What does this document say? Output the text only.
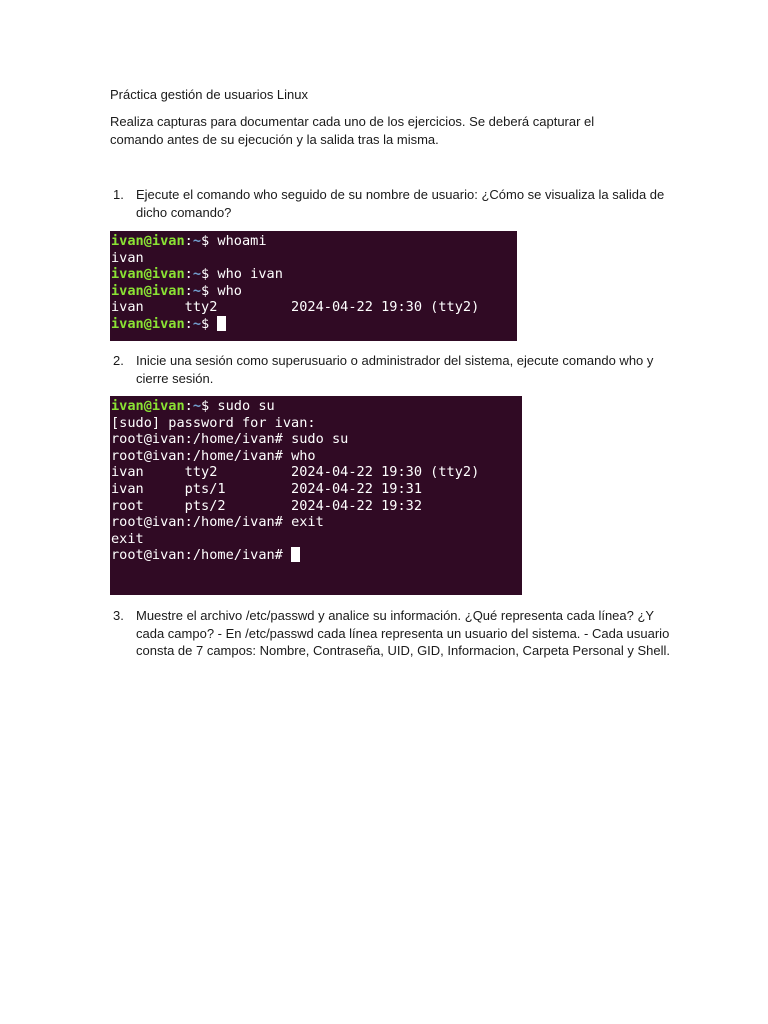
Práctica gestión de usuarios Linux
Realiza capturas para documentar cada uno de los ejercicios. Se deberá capturar el comando antes de su ejecución y la salida tras la misma.
1. Ejecute el comando who seguido de su nombre de usuario: ¿Cómo se visualiza la salida de dicho comando?
ivan@ivan:~$ whoami
ivan
ivan@ivan:~$ who ivan
ivan@ivan:~$ who
ivan     tty2         2024-04-22 19:30 (tty2)
ivan@ivan:~$
2. Inicie una sesión como superusuario o administrador del sistema, ejecute comando who y cierre sesión.
ivan@ivan:~$ sudo su
[sudo] password for ivan:
root@ivan:/home/ivan# sudo su
root@ivan:/home/ivan# who
ivan     tty2         2024-04-22 19:30 (tty2)
ivan     pts/1        2024-04-22 19:31
root     pts/2        2024-04-22 19:32
root@ivan:/home/ivan# exit
exit
root@ivan:/home/ivan#
3. Muestre el archivo /etc/passwd y analice su información. ¿Qué representa cada línea? ¿Y cada campo? - En /etc/passwd cada línea representa un usuario del sistema. - Cada usuario consta de 7 campos: Nombre, Contraseña, UID, GID, Informacion, Carpeta Personal y Shell.
